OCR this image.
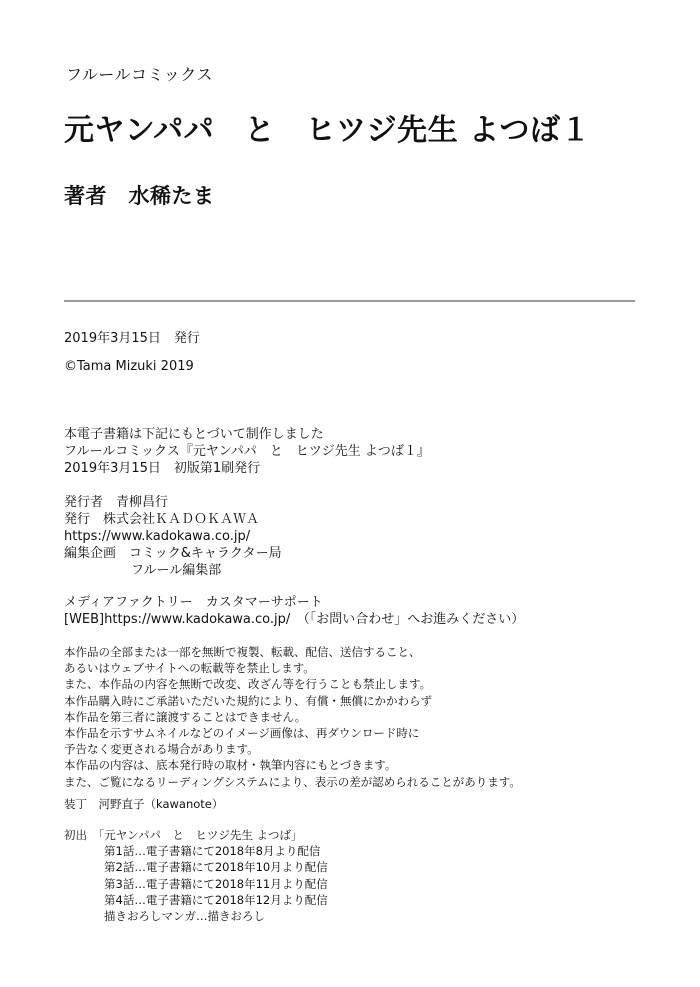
フルールコミックス
元ヤンパパ　と　ヒツジ先生 よつば１
著者　水稀たま
2019年3月15日　発行
©Tama Mizuki 2019
本電子書籍は下記にもとづいて制作しました
フルールコミックス『元ヤンパパ　と　ヒツジ先生 よつば１』
2019年3月15日　初版第1刷発行
発行者　青柳昌行
発行　株式会社ＫＡＤＯＫＡＷＡ
https://www.kadokawa.co.jp/
編集企画　コミック&キャラクター局
フルール編集部
メディアファクトリー　カスタマーサポート
[WEB]https://www.kadokawa.co.jp/　（「お問い合わせ」へお進みください）
本作品の全部または一部を無断で複製、転載、配信、送信すること、
あるいはウェブサイトへの転載等を禁止します。
また、本作品の内容を無断で改変、改ざん等を行うことも禁止します。
本作品購入時にご承諾いただいた規約により、有償・無償にかかわらず
本作品を第三者に譲渡することはできません。
本作品を示すサムネイルなどのイメージ画像は、再ダウンロード時に
予告なく変更される場合があります。
本作品の内容は、底本発行時の取材・執筆内容にもとづきます。
また、ご覧になるリーディングシステムにより、表示の差が認められることがあります。
装丁　河野直子（kawanote）
初出　「元ヤンパパ　と　ヒツジ先生 よつば」
第1話…電子書籍にて2018年8月より配信
第2話…電子書籍にて2018年10月より配信
第3話…電子書籍にて2018年11月より配信
第4話…電子書籍にて2018年12月より配信
描きおろしマンガ…描きおろし
